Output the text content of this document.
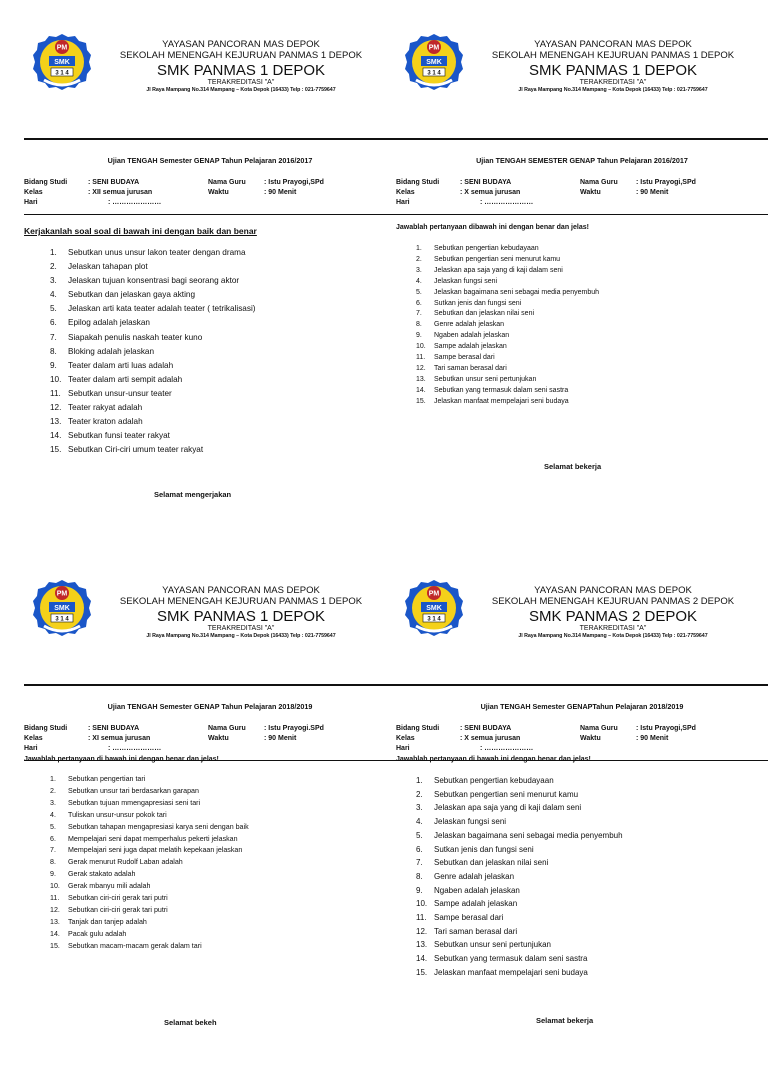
PM
SMK
3 1 4
YAYASAN PANCORAN MAS DEPOK
SEKOLAH MENENGAH KEJURUAN PANMAS 1 DEPOK
SMK PANMAS 1 DEPOK
TERAKREDITASI "A"
Jl Raya Mampang No.314 Mampang – Kota Depok (16433) Telp : 021-7759647
Ujian TENGAH Semester GENAP Tahun Pelajaran 2016/2017
Bidang Studi	: SENI BUDAYA
Kelas	: XII semua jurusan
Hari	: …………………
Nama Guru	: Istu Prayogi,SPd
Waktu	: 90 Menit
Kerjakanlah soal soal di bawah ini dengan baik dan benar
1. Sebutkan unus unsur lakon teater dengan drama
2. Jelaskan tahapan plot
3. Jelaskan tujuan konsentrasi bagi seorang aktor
4. Sebutkan dan jelaskan gaya akting
5. Jelaskan arti kata teater adalah teater ( tetrikalisasi)
6. Epilog adalah jelaskan
7. Siapakah penulis naskah teater kuno
8. Bloking adalah jelaskan
9. Teater dalam arti luas adalah
10. Teater dalam arti sempit adalah
11. Sebutkan unsur-unsur teater
12. Teater rakyat adalah
13. Teater kraton adalah
14. Sebutkan funsi teater rakyat
15. Sebutkan Ciri-ciri umum teater rakyat
Selamat mengerjakan
PM
SMK
3 1 4
YAYASAN PANCORAN MAS DEPOK
SEKOLAH MENENGAH KEJURUAN PANMAS 1 DEPOK
SMK PANMAS 1 DEPOK
TERAKREDITASI "A"
Jl Raya Mampang No.314 Mampang – Kota Depok (16433) Telp : 021-7759647
Ujian TENGAH SEMESTER GENAP Tahun Pelajaran 2016/2017
Bidang Studi	: SENI BUDAYA
Kelas	: X semua jurusan
Hari	: …………………
Nama Guru	: Istu Prayogi,SPd
Waktu	: 90 Menit
Jawablah pertanyaan dibawah ini dengan benar dan jelas!
1. Sebutkan pengertian kebudayaan
2. Sebutkan pengertian seni menurut kamu
3. Jelaskan apa saja yang di kaji dalam seni
4. Jelaskan fungsi seni
5. Jelaskan bagaimana seni sebagai media penyembuh
6. Sutkan jenis dan fungsi seni
7. Sebutkan dan jelaskan nilai seni
8. Genre adalah jelaskan
9. Ngaben adalah jelaskan
10. Sampe adalah jelaskan
11. Sampe berasal dari
12. Tari saman berasal dari
13. Sebutkan unsur seni pertunjukan
14. Sebutkan yang termasuk dalam seni sastra
15. Jelaskan manfaat mempelajari seni budaya
Selamat bekerja
PM
SMK
3 1 4
YAYASAN PANCORAN MAS DEPOK
SEKOLAH MENENGAH KEJURUAN PANMAS 1 DEPOK
SMK PANMAS 1 DEPOK
TERAKREDITASI "A"
Jl Raya Mampang No.314 Mampang – Kota Depok (16433) Telp : 021-7759647
Ujian TENGAH Semester GENAP Tahun Pelajaran 2018/2019
Bidang Studi	: SENI BUDAYA
Kelas	: XI semua jurusan
Hari	: …………………
Nama Guru	: Istu Prayogi.SPd
Waktu	: 90 Menit
Jawablah pertanyaan di bawah ini dengan benar dan jelas!
1. Sebutkan pengertian tari
2. Sebutkan unsur tari berdasarkan garapan
3. Sebutkan tujuan mmengapresiasi seni tari
4. Tuliskan unsur-unsur pokok tari
5. Sebutkan tahapan mengapresiasi karya seni dengan baik
6. Mempelajari seni dapat memperhalus pekerti jelaskan
7. Mempelajari seni juga dapat melatih kepekaan jelaskan
8. Gerak menurut Rudolf Laban adalah
9. Gerak stakato adalah
10. Gerak mbanyu mili adalah
11. Sebutkan ciri-ciri gerak tari putri
12. Sebutkan ciri-ciri gerak tari putri
13. Tanjak dan tanjep adalah
14. Pacak gulu adalah
15. Sebutkan macam-macam gerak dalam tari
Selamat bekeh
PM
SMK
3 1 4
YAYASAN PANCORAN MAS DEPOK
SEKOLAH MENENGAH KEJURUAN PANMAS 2 DEPOK
SMK PANMAS 2 DEPOK
TERAKREDITASI "A"
Jl Raya Mampang No.314 Mampang – Kota Depok (16433) Telp : 021-7759647
Ujian TENGAH Semester GENAPTahun Pelajaran 2018/2019
Bidang Studi	: SENI BUDAYA
Kelas	: X semua jurusan
Hari	: …………………
Nama Guru	: Istu Prayogi,SPd
Waktu	: 90 Menit
Jawablah pertanyaan di bawah ini dengan benar dan jelas!
1. Sebutkan pengertian kebudayaan
2. Sebutkan pengertian seni menurut kamu
3. Jelaskan apa saja yang di kaji dalam seni
4. Jelaskan fungsi seni
5. Jelaskan bagaimana seni sebagai media penyembuh
6. Sutkan jenis dan fungsi seni
7. Sebutkan dan jelaskan nilai seni
8. Genre adalah jelaskan
9. Ngaben adalah jelaskan
10. Sampe adalah jelaskan
11. Sampe berasal dari
12. Tari saman berasal dari
13. Sebutkan unsur seni pertunjukan
14. Sebutkan yang termasuk dalam seni sastra
15. Jelaskan manfaat mempelajari seni budaya
Selamat bekerja
